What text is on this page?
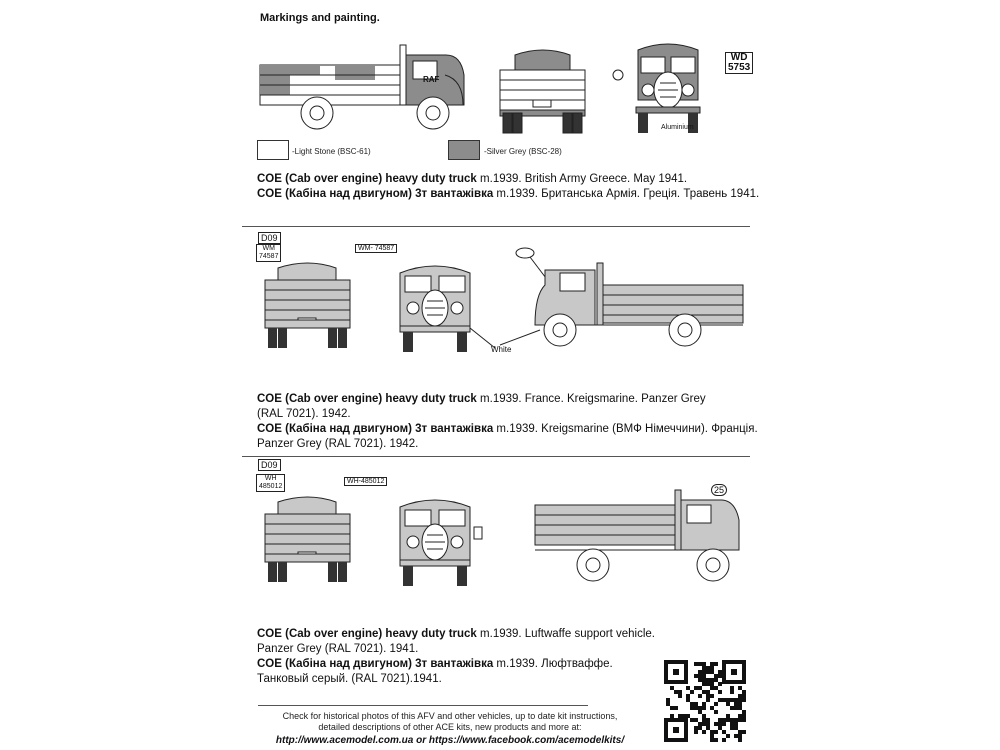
Markings and painting.
RAF
WD
5753
Aluminium
-Light Stone (BSC-61)	-Silver Grey (BSC-28)
COE (Cab over engine) heavy duty truck m.1939. British Army Greece. May 1941.
COE (Кабіна над двигуном) 3т вантажівка m.1939. Британська Армія. Греція. Травень 1941.
D09
WM
74587
WM- 74587
White
COE (Cab over engine) heavy duty truck m.1939. France. Kreigsmarine. Panzer Grey
(RAL 7021). 1942.
COE (Кабіна над двигуном) 3т вантажівка m.1939. Kreigsmarine (ВМФ Німеччини). Франція.
Panzer Grey (RAL 7021). 1942.
D09
WH
485012
WH-485012
25
COE (Cab over engine) heavy duty truck m.1939. Luftwaffe support vehicle.
Panzer Grey (RAL 7021). 1941.
COE (Кабіна над двигуном) 3т вантажівка m.1939. Люфтваффе.
Танковый серый. (RAL 7021).1941.
Check for historical photos of this AFV and other vehicles, up to date kit instructions,
detailed descriptions of other ACE kits, new products and more at:
http://www.acemodel.com.ua or https://www.facebook.com/acemodelkits/
